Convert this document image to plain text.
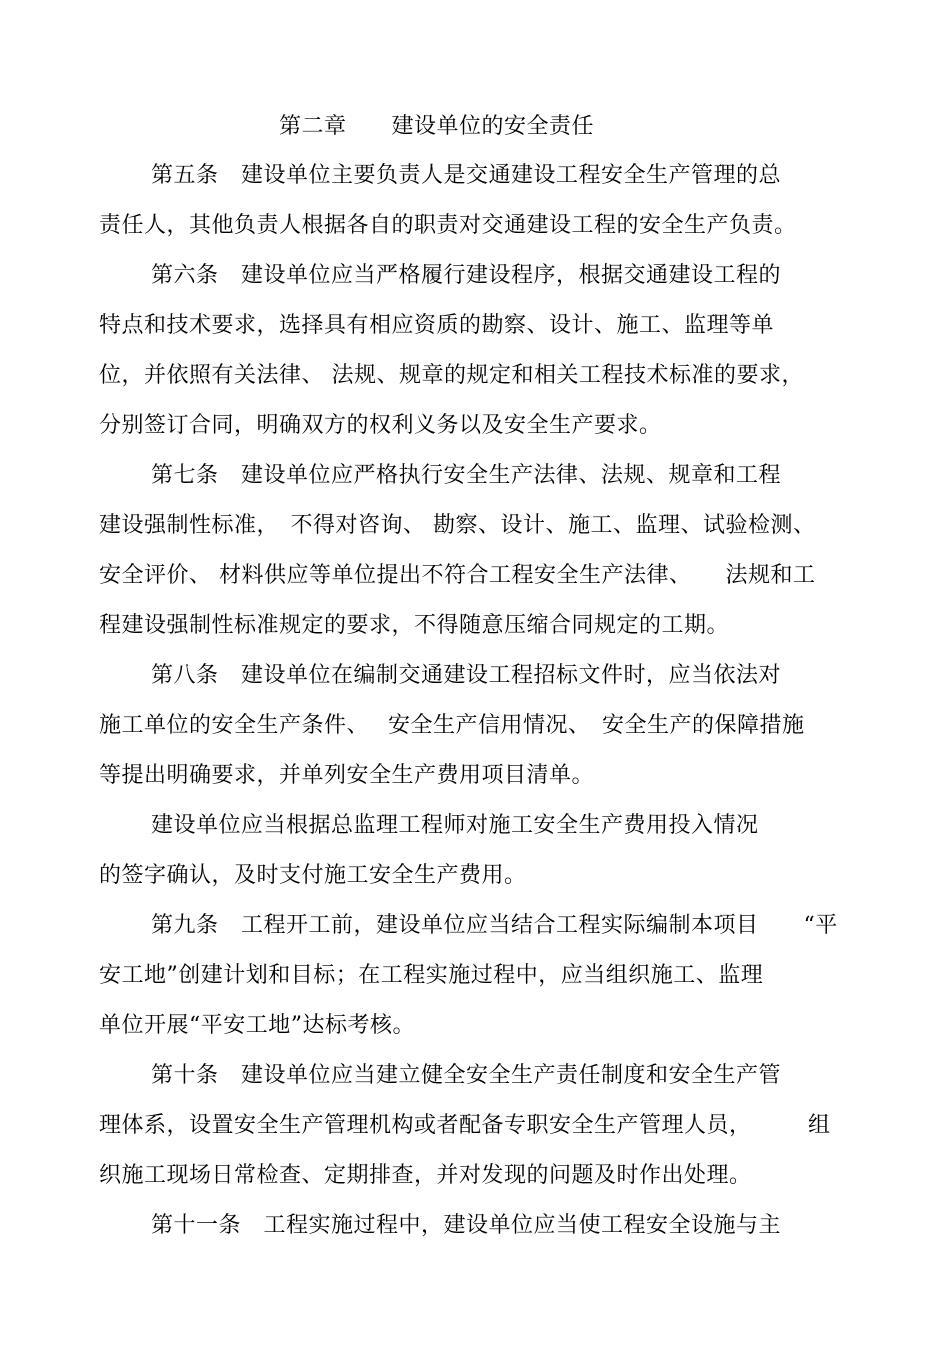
第二章　　建设单位的安全责任
第五条　建设单位主要负责人是交通建设工程安全生产管理的总
责任人，其他负责人根据各自的职责对交通建设工程的安全生产负责。
第六条　建设单位应当严格履行建设程序，根据交通建设工程的
特点和技术要求，选择具有相应资质的勘察、设计、施工、监理等单
位，并依照有关法律、 法规、规章的规定和相关工程技术标准的要求，
分别签订合同，明确双方的权利义务以及安全生产要求。
第七条　建设单位应严格执行安全生产法律、法规、规章和工程
建设强制性标准，　不得对咨询、 勘察、设计、施工、监理、试验检测、
安全评价、 材料供应等单位提出不符合工程安全生产法律、　　法规和工
程建设强制性标准规定的要求，不得随意压缩合同规定的工期。
第八条　建设单位在编制交通建设工程招标文件时，应当依法对
施工单位的安全生产条件、　 安全生产信用情况、　安全生产的保障措施
等提出明确要求，并单列安全生产费用项目清单。
建设单位应当根据总监理工程师对施工安全生产费用投入情况
的签字确认，及时支付施工安全生产费用。
第九条　工程开工前，建设单位应当结合工程实际编制本项目　　“平
安工地”创建计划和目标；在工程实施过程中，应当组织施工、监理
单位开展“平安工地”达标考核。
第十条　建设单位应当建立健全安全生产责任制度和安全生产管
理体系，设置安全生产管理机构或者配备专职安全生产管理人员，　　　组
织施工现场日常检查、定期排查，并对发现的问题及时作出处理。
第十一条　工程实施过程中，建设单位应当使工程安全设施与主
